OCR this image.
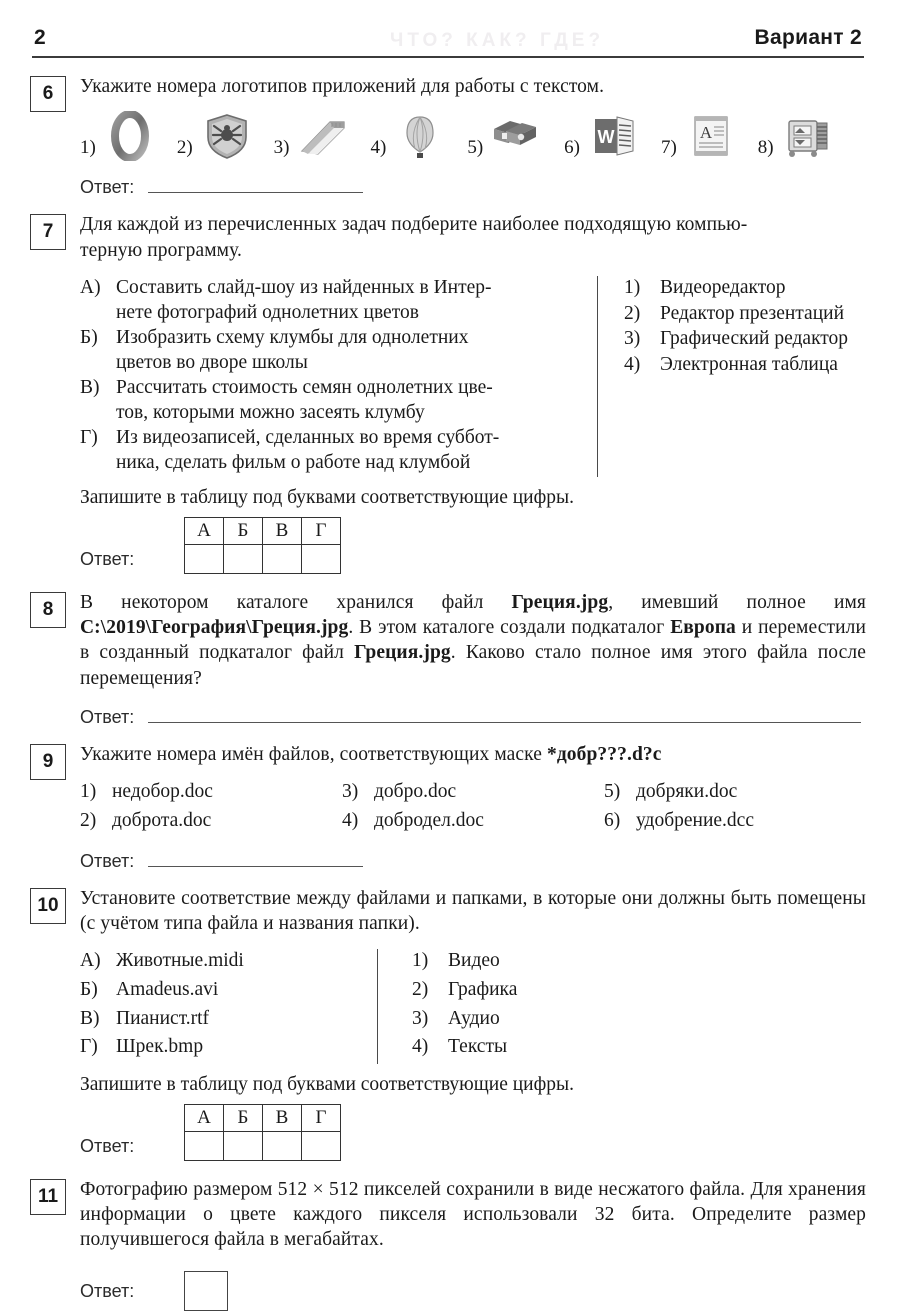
ЧТО? КАК? ГДЕ?
2	Вариант 2
6	Укажите номера логотипов приложений для работы с текстом.
1)	2)	3)	4)	5)	6) W 7)
A
8)
Ответ:
7	Для каждой из перечисленных задач подберите наиболее подходящую компью-
терную программу.
А) Составить слайд-шоу из найденных в Интер-
нете фотографий однолетних цветов
Б) Изобразить схему клумбы для однолетних
цветов во дворе школы
В) Рассчитать стоимость семян однолетних цве-
тов, которыми можно засеять клумбу
Г) Из видеозаписей, сделанных во время суббот-
ника, сделать фильм о работе над клумбой
1)	Видеоредактор
2)	Редактор презентаций
3)	Графический редактор
4)	Электронная таблица
Запишите в таблицу под буквами соответствующие цифры.
Ответ:
А	Б	В	Г

8	В некотором каталоге хранился файл Греция.jpg, имевший полное имя C:\2019\География\Греция.jpg. В этом каталоге создали подкаталог Европа и переместили в созданный подкаталог файл Греция.jpg. Каково стало полное имя этого файла после перемещения?
Ответ:
9	Укажите номера имён файлов, соответствующих маске *добр???.d?c
1) недобор.doc
2) доброта.doc
3) добро.doc
4) добродел.doc
5) добряки.doc
6) удобрение.dcc
Ответ:
10	Установите соответствие между файлами и папками, в которые они должны быть помещены (с учётом типа файла и названия папки).
А) Животные.midi
Б) Amadeus.avi
В) Пианист.rtf
Г) Шрек.bmp
1)	Видео
2)	Графика
3)	Аудио
4)	Тексты
Запишите в таблицу под буквами соответствующие цифры.
Ответ:
А	Б	В	Г

11	Фотографию размером 512 × 512 пикселей сохранили в виде несжатого файла. Для хранения информации о цвете каждого пикселя использовали 32 бита. Определите размер получившегося файла в мегабайтах.
Ответ:
